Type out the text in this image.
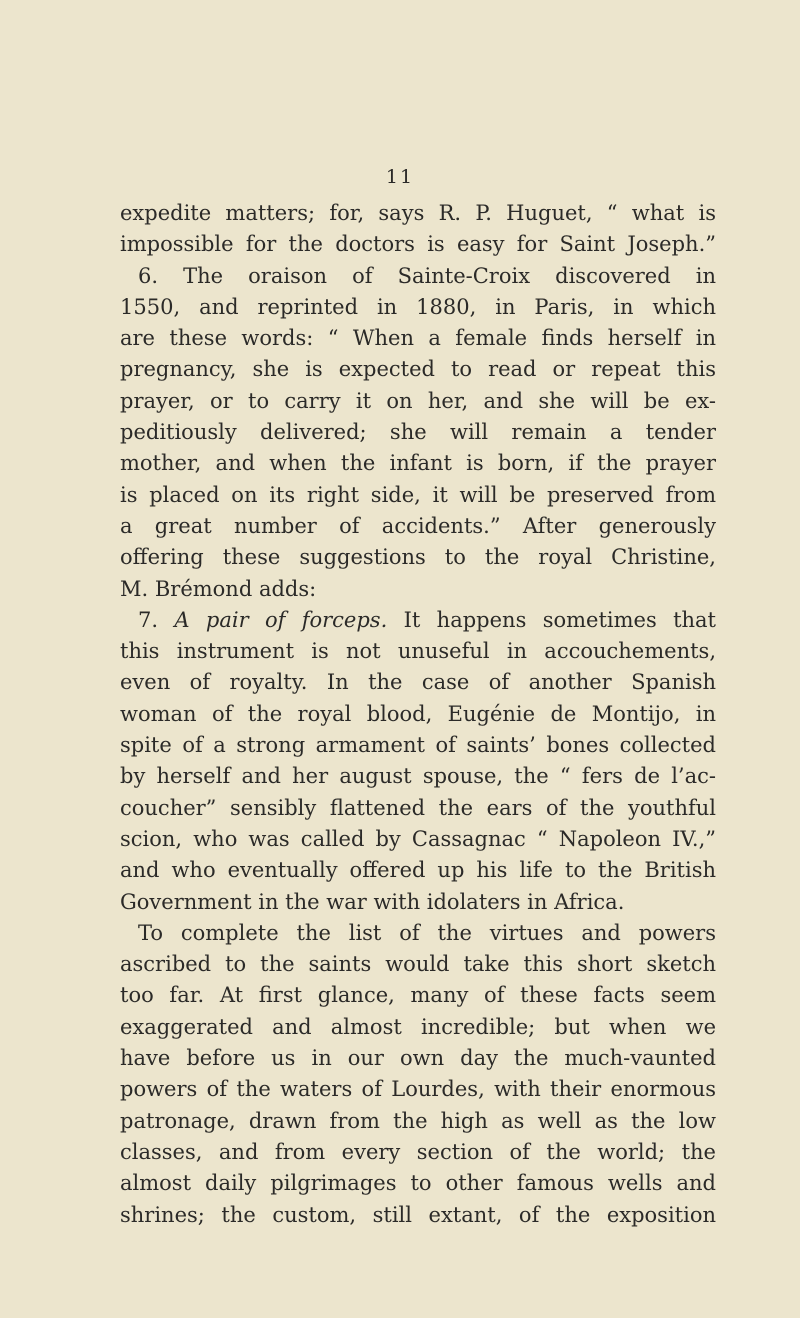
11
expedite matters; for, says R. P. Huguet, “ what is
impossible for the doctors is easy for Saint Joseph.”
6. The oraison of Sainte-Croix discovered in
1550, and reprinted in 1880, in Paris, in which
are these words: “ When a female finds herself in
pregnancy, she is expected to read or repeat this
prayer, or to carry it on her, and she will be ex-
peditiously delivered; she will remain a tender
mother, and when the infant is born, if the prayer
is placed on its right side, it will be preserved from
a great number of accidents.” After generously
offering these suggestions to the royal Christine,
M. Brémond adds:
7. A pair of forceps. It happens sometimes that
this instrument is not unuseful in accouchements,
even of royalty. In the case of another Spanish
woman of the royal blood, Eugénie de Montijo, in
spite of a strong armament of saints’ bones collected
by herself and her august spouse, the “ fers de l’ac-
coucher” sensibly flattened the ears of the youthful
scion, who was called by Cassagnac “ Napoleon IV.,”
and who eventually offered up his life to the British
Government in the war with idolaters in Africa.
To complete the list of the virtues and powers
ascribed to the saints would take this short sketch
too far. At first glance, many of these facts seem
exaggerated and almost incredible; but when we
have before us in our own day the much-vaunted
powers of the waters of Lourdes, with their enormous
patronage, drawn from the high as well as the low
classes, and from every section of the world; the
almost daily pilgrimages to other famous wells and
shrines; the custom, still extant, of the exposition
